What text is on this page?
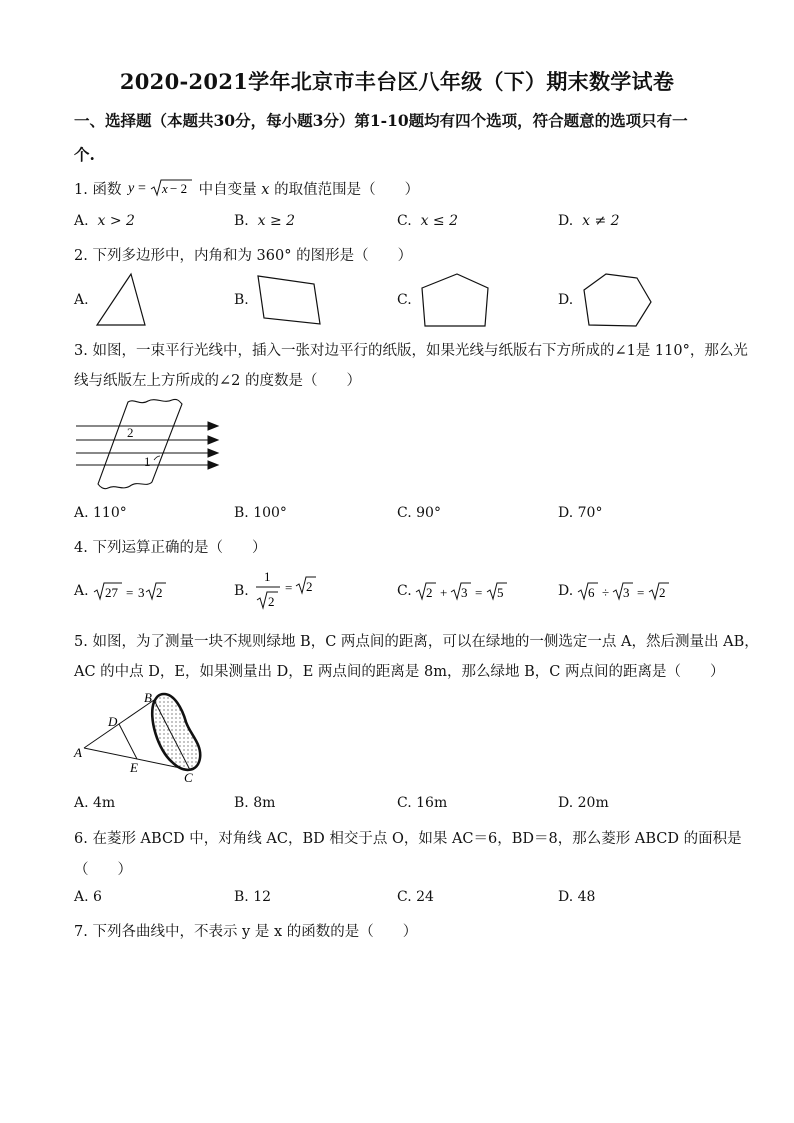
2020-2021学年北京市丰台区八年级（下）期末数学试卷
一、选择题（本题共30分，每小题3分）第1-10题均有四个选项，符合题意的选项只有一
个.
1. 函数 y = x − 2 中自变量 x 的取值范围是（　　）
A. x > 2	B. x ≥ 2	C. x ≤ 2	D. x ≠ 2
2. 下列多边形中，内角和为 360° 的图形是（　　）
A.	B.	C.	D.
3. 如图，一束平行光线中，插入一张对边平行的纸版，如果光线与纸版右下方所成的∠1是 110°，那么光
线与纸版左上方所成的∠2 的度数是（　　）
2
1
A. 110°	B. 100°	C. 90°	D. 70°
4. 下列运算正确的是（　　）
A. 27 = 3 2	B.
1
2
= 2	C. 2 + 3 = 5	D. 6 ÷ 3 = 2
5. 如图，为了测量一块不规则绿地 B，C 两点间的距离，可以在绿地的一侧选定一点 A，然后测量出 AB，
AC 的中点 D，E，如果测量出 D，E 两点间的距离是 8m，那么绿地 B，C 两点间的距离是（　　）
A
B
C
D
E
A. 4m	B. 8m	C. 16m	D. 20m
6. 在菱形 ABCD 中，对角线 AC，BD 相交于点 O，如果 AC＝6，BD＝8，那么菱形 ABCD 的面积是
（　　）
A. 6	B. 12	C. 24	D. 48
7. 下列各曲线中，不表示 y 是 x 的函数的是（　　）
